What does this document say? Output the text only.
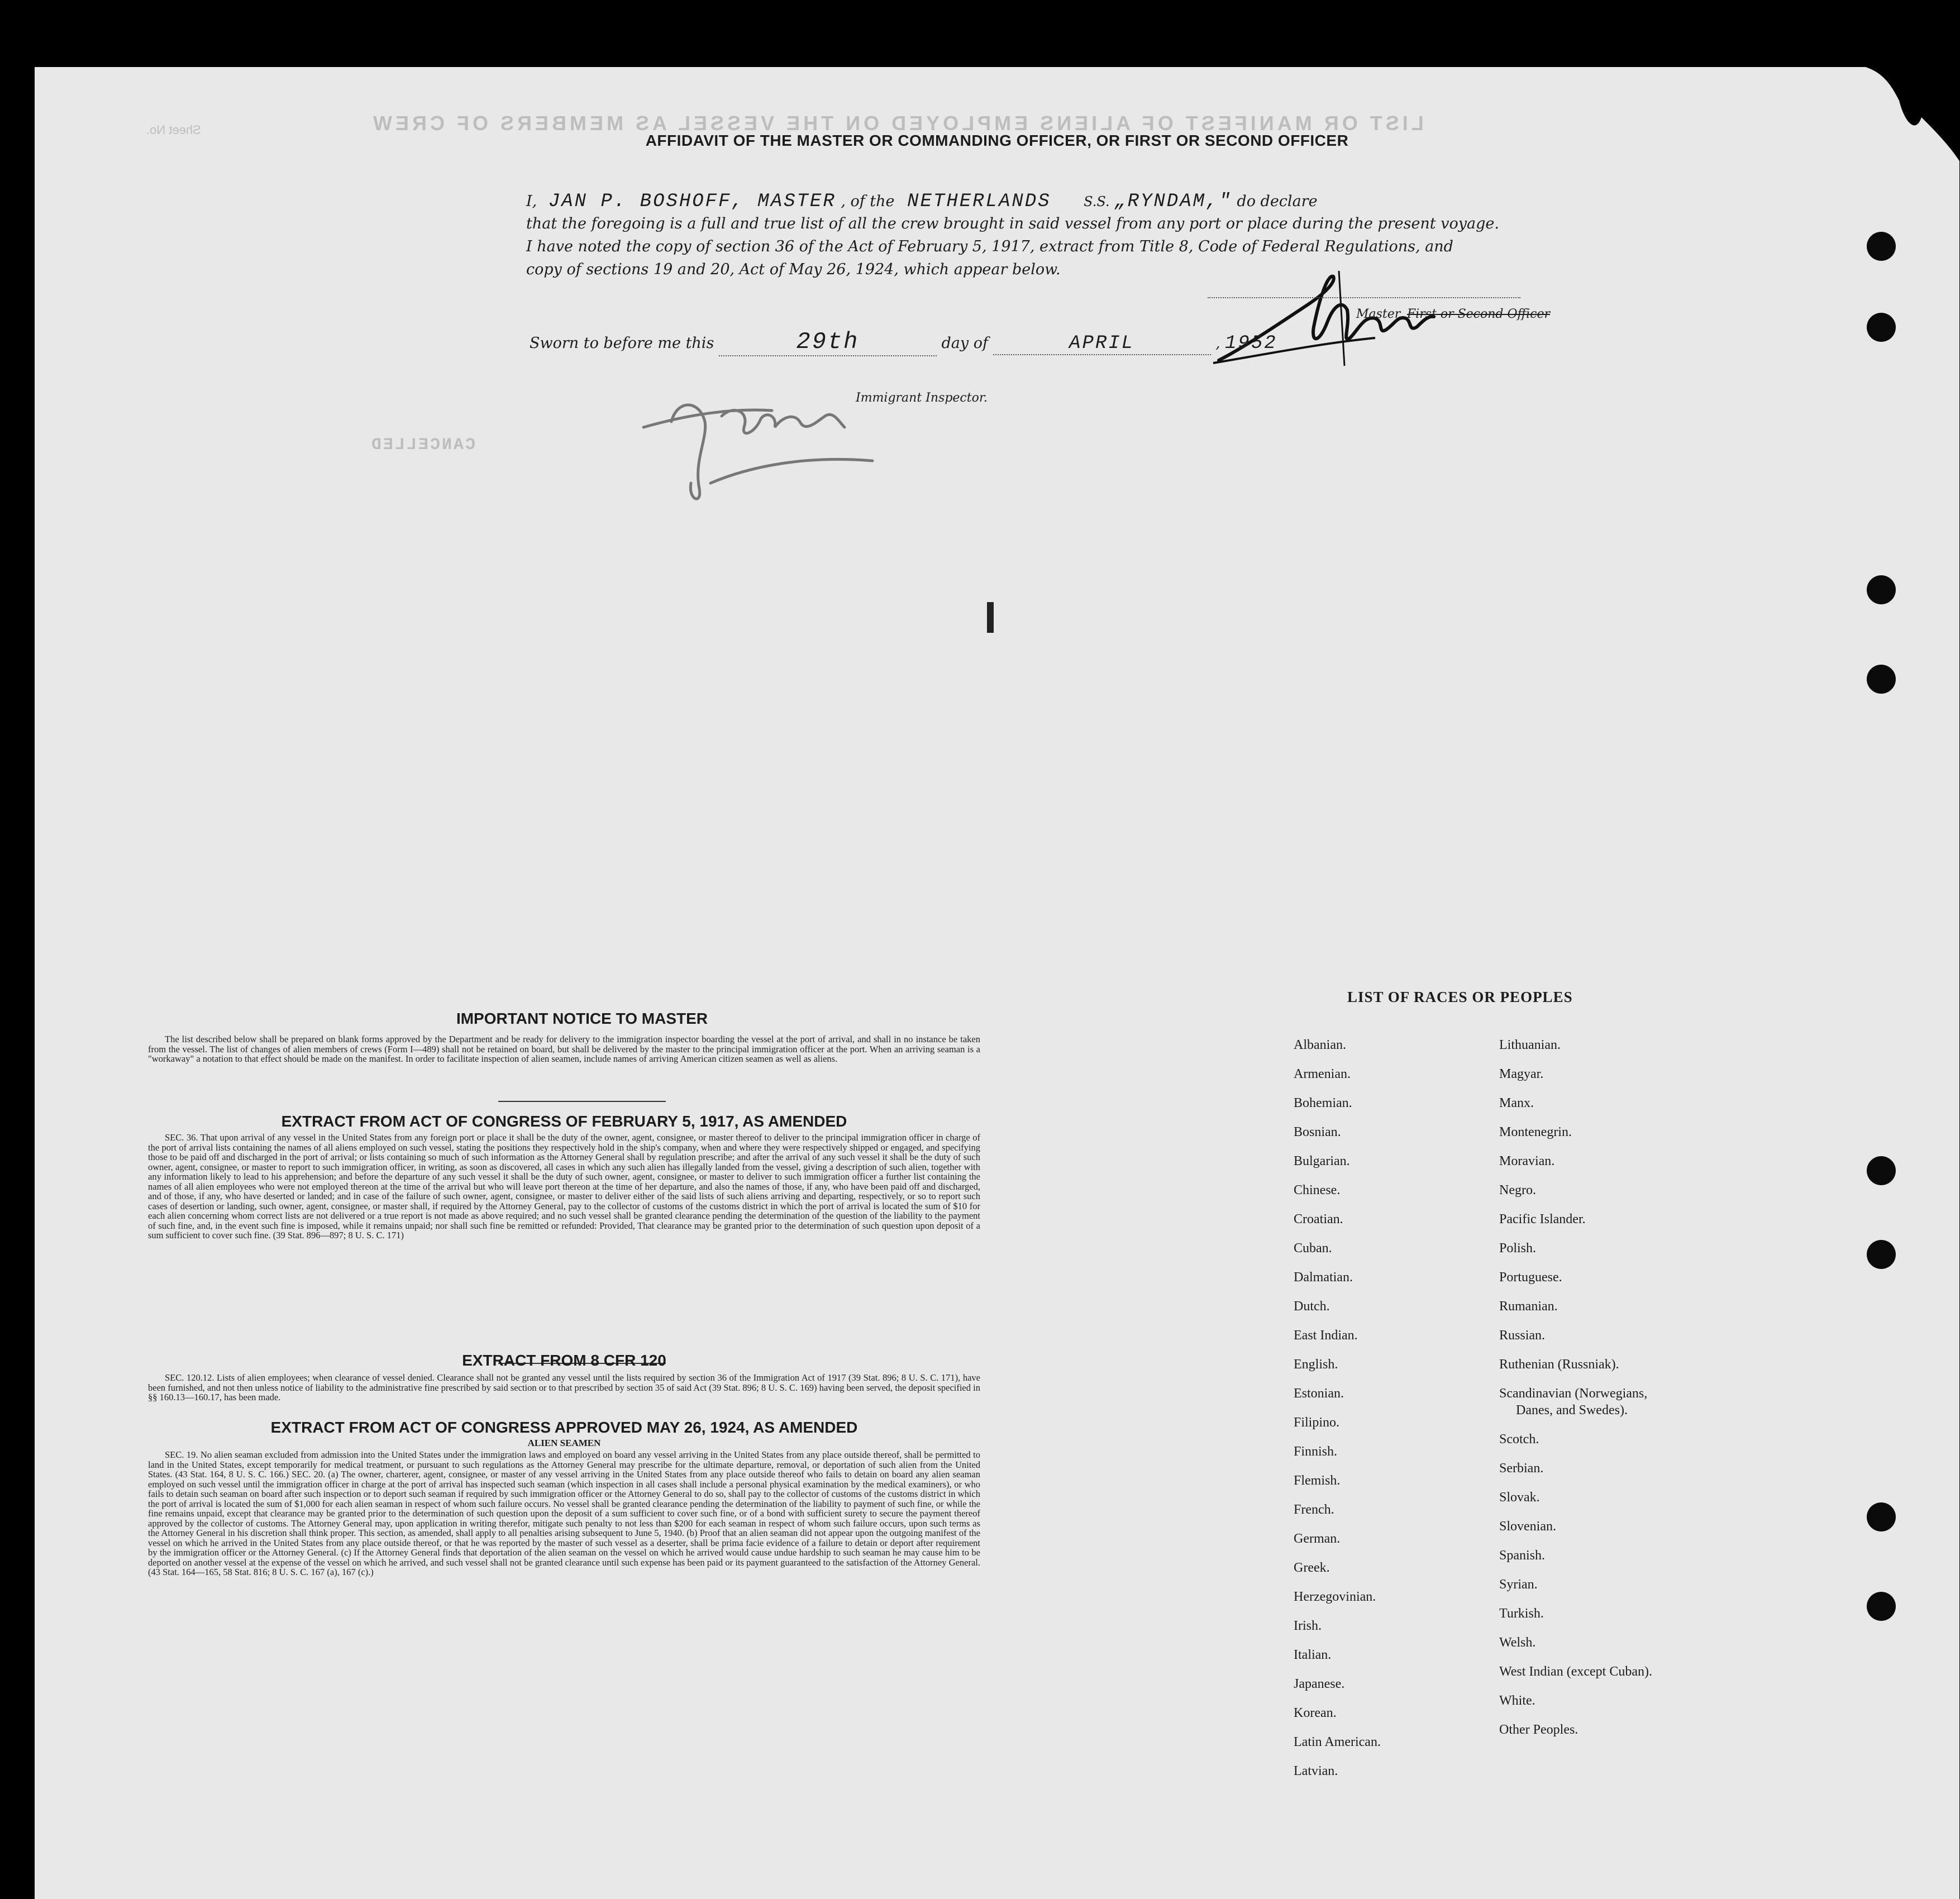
LIST OR MANIFEST OF ALIENS EMPLOYED ON THE VESSEL AS MEMBERS OF CREW
CANCELLED
Sheet No.
AFFIDAVIT OF THE MASTER OR COMMANDING OFFICER, OR FIRST OR SECOND OFFICER
I, JAN P. BOSHOFF, MASTER , of the NETHERLANDS S.S. „RYNDAM," do declare
that the foregoing is a full and true list of all the crew brought in said vessel from any port or place during the present voyage.
I have noted the copy of section 36 of the Act of February 5, 1917, extract from Title 8, Code of Federal Regulations, and
copy of sections 19 and 20, Act of May 26, 1924, which appear below.
Master, First or Second Officer
Sworn to before me this	29th	day of	APRIL	, 1952
Immigrant Inspector.
IMPORTANT NOTICE TO MASTER
The list described below shall be prepared on blank forms approved by the Department and be ready for delivery to the immigration inspector boarding the vessel at the port of arrival, and shall in no instance be taken from the vessel. The list of changes of alien members of crews (Form I—489) shall not be retained on board, but shall be delivered by the master to the principal immigration officer at the port. When an arriving seaman is a "workaway" a notation to that effect should be made on the manifest. In order to facilitate inspection of alien seamen, include names of arriving American citizen seamen as well as aliens.
EXTRACT FROM ACT OF CONGRESS OF FEBRUARY 5, 1917, AS AMENDED
SEC. 36. That upon arrival of any vessel in the United States from any foreign port or place it shall be the duty of the owner, agent, consignee, or master thereof to deliver to the principal immigration officer in charge of the port of arrival lists containing the names of all aliens employed on such vessel, stating the positions they respectively hold in the ship's company, when and where they were respectively shipped or engaged, and specifying those to be paid off and discharged in the port of arrival; or lists containing so much of such information as the Attorney General shall by regulation prescribe; and after the arrival of any such vessel it shall be the duty of such owner, agent, consignee, or master to report to such immigration officer, in writing, as soon as discovered, all cases in which any such alien has illegally landed from the vessel, giving a description of such alien, together with any information likely to lead to his apprehension; and before the departure of any such vessel it shall be the duty of such owner, agent, consignee, or master to deliver to such immigration officer a further list containing the names of all alien employees who were not employed thereon at the time of the arrival but who will leave port thereon at the time of her departure, and also the names of those, if any, who have been paid off and discharged, and of those, if any, who have deserted or landed; and in case of the failure of such owner, agent, consignee, or master to deliver either of the said lists of such aliens arriving and departing, respectively, or so to report such cases of desertion or landing, such owner, agent, consignee, or master shall, if required by the Attorney General, pay to the collector of customs of the customs district in which the port of arrival is located the sum of $10 for each alien concerning whom correct lists are not delivered or a true report is not made as above required; and no such vessel shall be granted clearance pending the determination of the question of the liability to the payment of such fine, and, in the event such fine is imposed, while it remains unpaid; nor shall such fine be remitted or refunded: Provided, That clearance may be granted prior to the determination of such question upon deposit of a sum sufficient to cover such fine. (39 Stat. 896—897; 8 U. S. C. 171)
EXTRACT FROM 8 CFR 120
SEC. 120.12. Lists of alien employees; when clearance of vessel denied. Clearance shall not be granted any vessel until the lists required by section 36 of the Immigration Act of 1917 (39 Stat. 896; 8 U. S. C. 171), have been furnished, and not then unless notice of liability to the administrative fine prescribed by said section or to that prescribed by section 35 of said Act (39 Stat. 896; 8 U. S. C. 169) having been served, the deposit specified in §§ 160.13—160.17, has been made.
EXTRACT FROM ACT OF CONGRESS APPROVED MAY 26, 1924, AS AMENDED
ALIEN SEAMEN
SEC. 19. No alien seaman excluded from admission into the United States under the immigration laws and employed on board any vessel arriving in the United States from any place outside thereof, shall be permitted to land in the United States, except temporarily for medical treatment, or pursuant to such regulations as the Attorney General may prescribe for the ultimate departure, removal, or deportation of such alien from the United States. (43 Stat. 164, 8 U. S. C. 166.) SEC. 20. (a) The owner, charterer, agent, consignee, or master of any vessel arriving in the United States from any place outside thereof who fails to detain on board any alien seaman employed on such vessel until the immigration officer in charge at the port of arrival has inspected such seaman (which inspection in all cases shall include a personal physical examination by the medical examiners), or who fails to detain such seaman on board after such inspection or to deport such seaman if required by such immigration officer or the Attorney General to do so, shall pay to the collector of customs of the customs district in which the port of arrival is located the sum of $1,000 for each alien seaman in respect of whom such failure occurs. No vessel shall be granted clearance pending the determination of the liability to payment of such fine, or while the fine remains unpaid, except that clearance may be granted prior to the determination of such question upon the deposit of a sum sufficient to cover such fine, or of a bond with sufficient surety to secure the payment thereof approved by the collector of customs. The Attorney General may, upon application in writing therefor, mitigate such penalty to not less than $200 for each seaman in respect of whom such failure occurs, upon such terms as the Attorney General in his discretion shall think proper. This section, as amended, shall apply to all penalties arising subsequent to June 5, 1940. (b) Proof that an alien seaman did not appear upon the outgoing manifest of the vessel on which he arrived in the United States from any place outside thereof, or that he was reported by the master of such vessel as a deserter, shall be prima facie evidence of a failure to detain or deport after requirement by the immigration officer or the Attorney General. (c) If the Attorney General finds that deportation of the alien seaman on the vessel on which he arrived would cause undue hardship to such seaman he may cause him to be deported on another vessel at the expense of the vessel on which he arrived, and such vessel shall not be granted clearance until such expense has been paid or its payment guaranteed to the satisfaction of the Attorney General. (43 Stat. 164—165, 58 Stat. 816; 8 U. S. C. 167 (a), 167 (c).)
LIST OF RACES OR PEOPLES
Albanian.
Armenian.
Bohemian.
Bosnian.
Bulgarian.
Chinese.
Croatian.
Cuban.
Dalmatian.
Dutch.
East Indian.
English.
Estonian.
Filipino.
Finnish.
Flemish.
French.
German.
Greek.
Herzegovinian.
Irish.
Italian.
Japanese.
Korean.
Latin American.
Latvian.
Lithuanian.
Magyar.
Manx.
Montenegrin.
Moravian.
Negro.
Pacific Islander.
Polish.
Portuguese.
Rumanian.
Russian.
Ruthenian (Russniak).
Scandinavian (Norwegians,
Danes, and Swedes).
Scotch.
Serbian.
Slovak.
Slovenian.
Spanish.
Syrian.
Turkish.
Welsh.
West Indian (except Cuban).
White.
Other Peoples.
